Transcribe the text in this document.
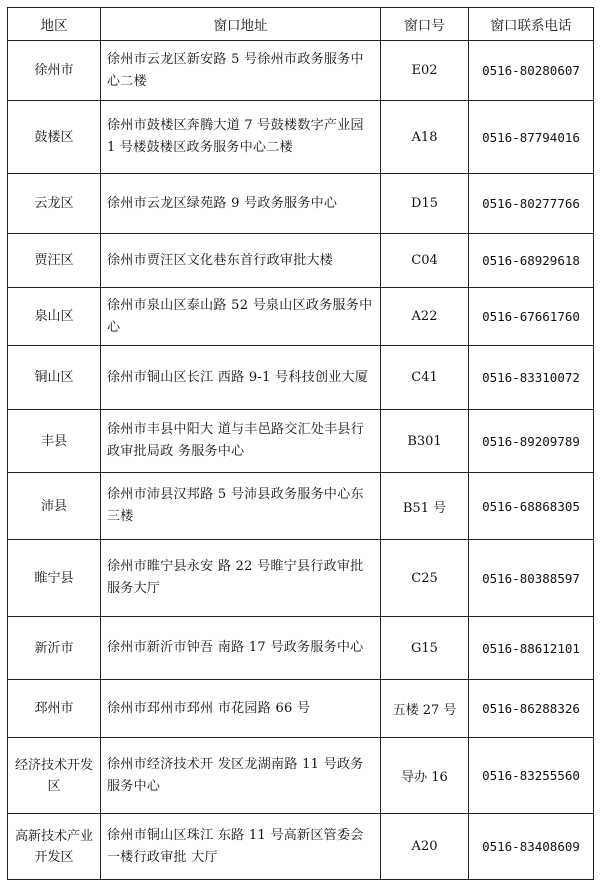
地区	窗口地址	窗口号	窗口联系电话
徐州市	徐州市云龙区新安路 5 号徐州市政务服务中心二楼	E02	0516-80280607
鼓楼区	徐州市鼓楼区奔腾大道 7 号鼓楼数字产业园 1 号楼鼓楼区政务服务中心二楼	A18	0516-87794016
云龙区	徐州市云龙区绿苑路 9 号政务服务中心	D15	0516-80277766
贾汪区	徐州市贾汪区文化巷东首行政审批大楼	C04	0516-68929618
泉山区	徐州市泉山区泰山路 52 号泉山区政务服务中心	A22	0516-67661760
铜山区	徐州市铜山区长江 西路 9-1 号科技创业大厦	C41	0516-83310072
丰县	徐州市丰县中阳大 道与丰邑路交汇处丰县行政审批局政 务服务中心	B301	0516-89209789
沛县	徐州市沛县汉邦路 5 号沛县政务服务中心东三楼	B51 号	0516-68868305
睢宁县	徐州市睢宁县永安 路 22 号睢宁县行政审批服务大厅	C25	0516-80388597
新沂市	徐州市新沂市钟吾 南路 17 号政务服务中心	G15	0516-88612101
邳州市	徐州市邳州市邳州 市花园路 66 号	五楼 27 号	0516-86288326
经济技术开发区	徐州市经济技术开 发区龙湖南路 11 号政务服务中心	导办 16	0516-83255560
高新技术产业开发区	徐州市铜山区珠江 东路 11 号高新区管委会一楼行政审批 大厅	A20	0516-83408609
